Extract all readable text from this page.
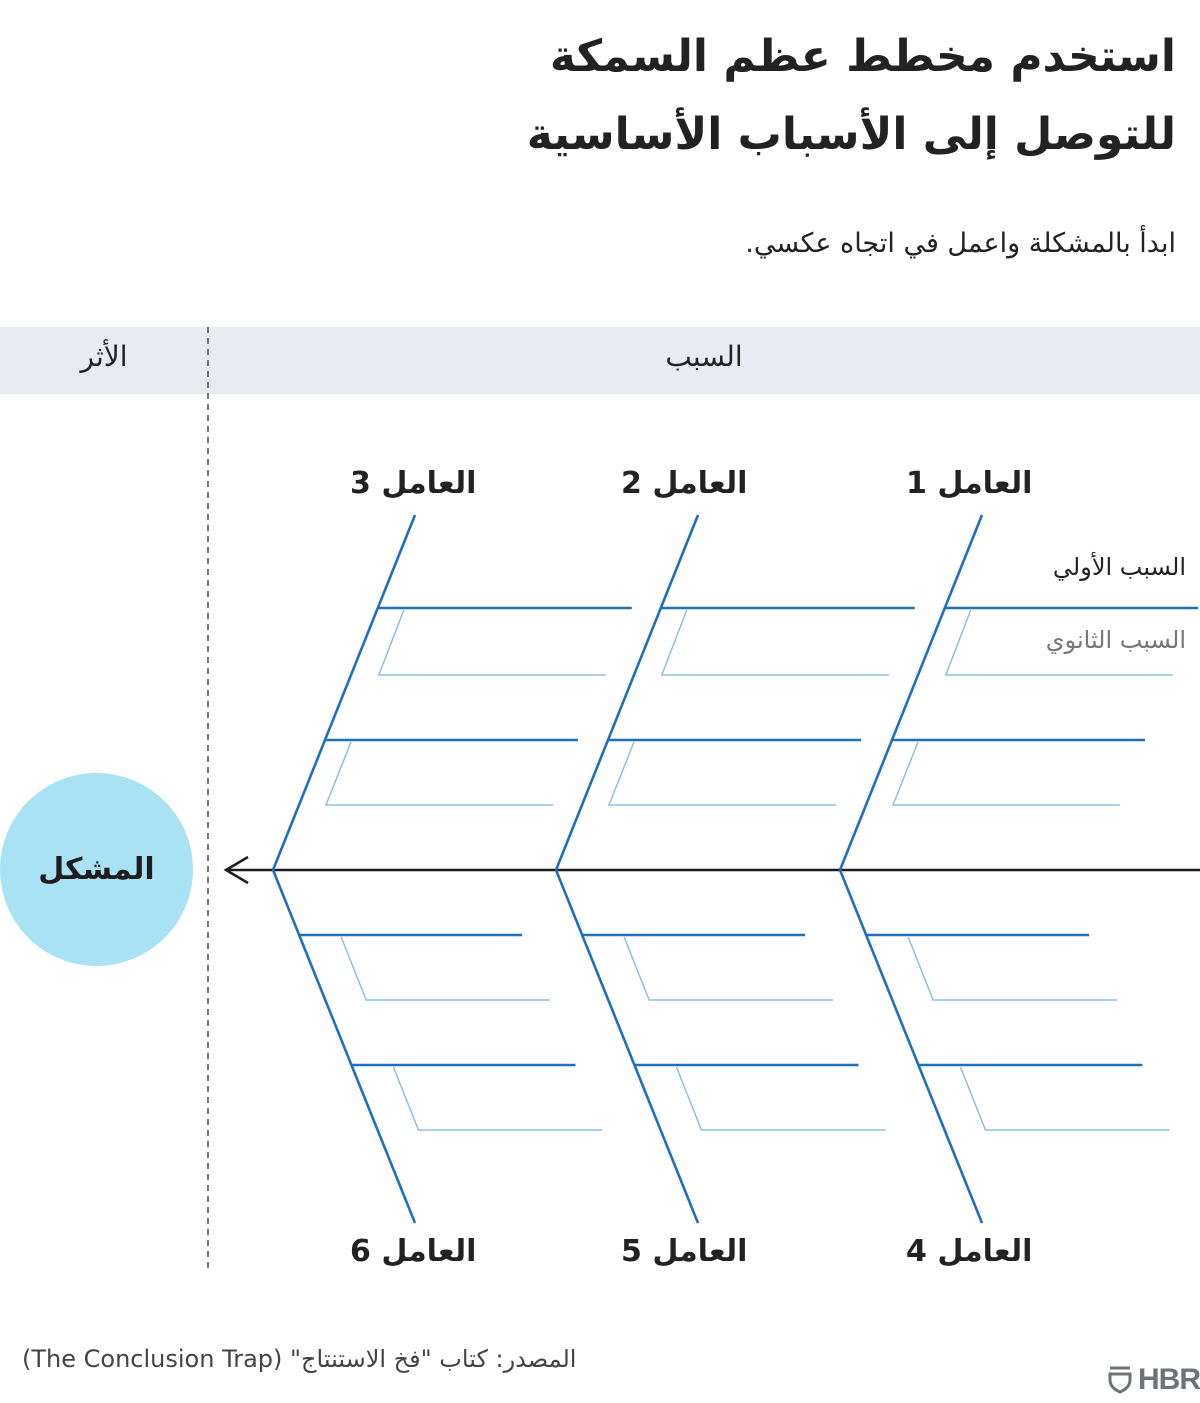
استخدم مخطط عظم السمكة
للتوصل إلى الأسباب الأساسية
ابدأ بالمشكلة واعمل في اتجاه عكسي.
السبب
الأثر
العامل 3	العامل 2	العامل 1
العامل 6	العامل 5	العامل 4
السبب الأولي
السبب الثانوي
المشكل
المصدر: كتاب "فخ الاستنتاج" (The Conclusion Trap)
HBR
